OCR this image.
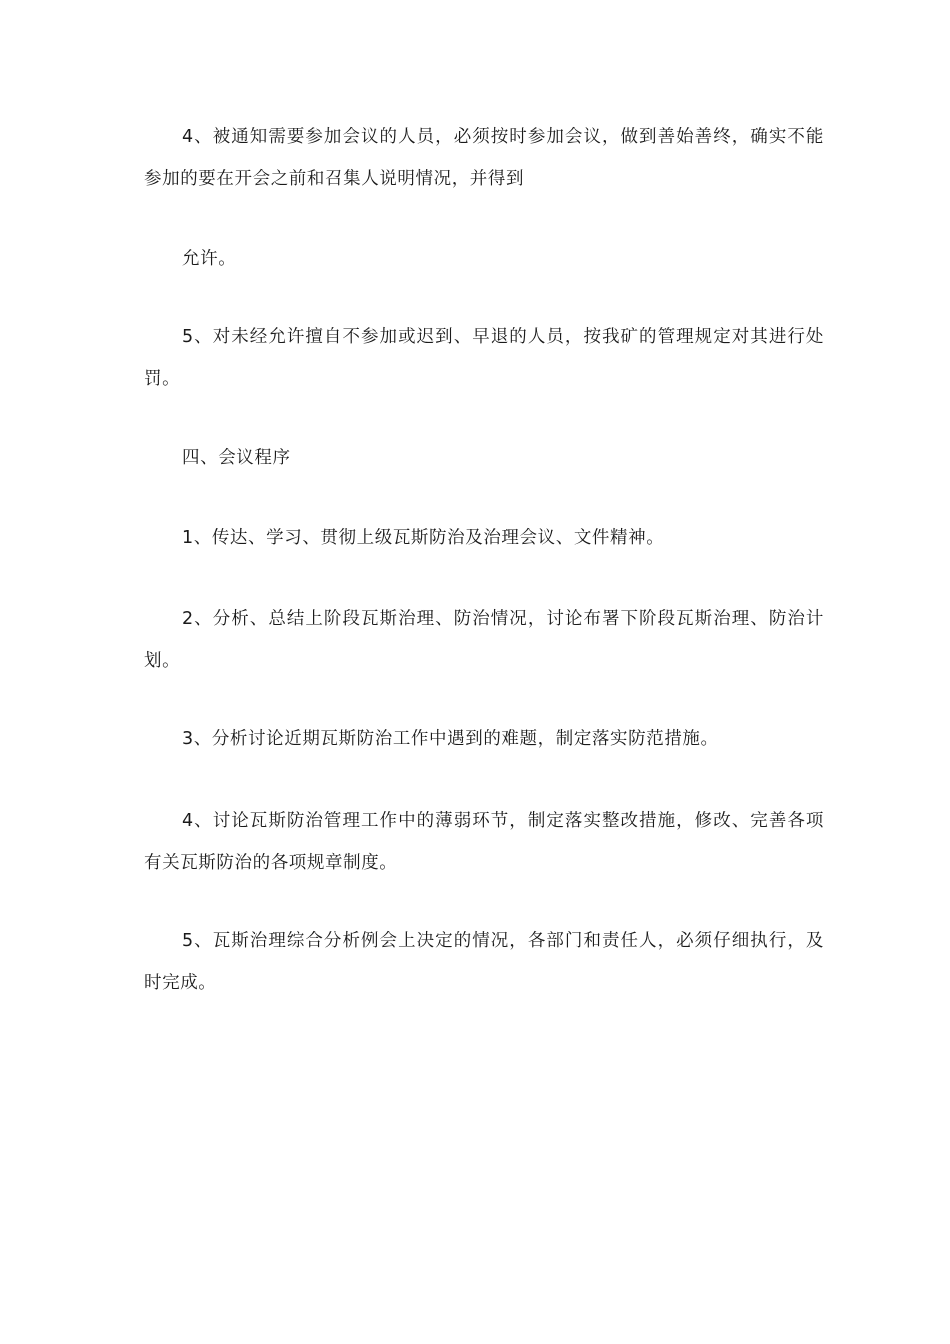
4、被通知需要参加会议的人员，必须按时参加会议，做到善始善终，确实不能参加的要在开会之前和召集人说明情况，并得到

允许。

5、对未经允许擅自不参加或迟到、早退的人员，按我矿的管理规定对其进行处罚。

四、会议程序

1、传达、学习、贯彻上级瓦斯防治及治理会议、文件精神。

2、分析、总结上阶段瓦斯治理、防治情况，讨论布署下阶段瓦斯治理、防治计划。

3、分析讨论近期瓦斯防治工作中遇到的难题，制定落实防范措施。

4、讨论瓦斯防治管理工作中的薄弱环节，制定落实整改措施，修改、完善各项有关瓦斯防治的各项规章制度。

5、瓦斯治理综合分析例会上决定的情况，各部门和责任人，必须仔细执行，及时完成。
